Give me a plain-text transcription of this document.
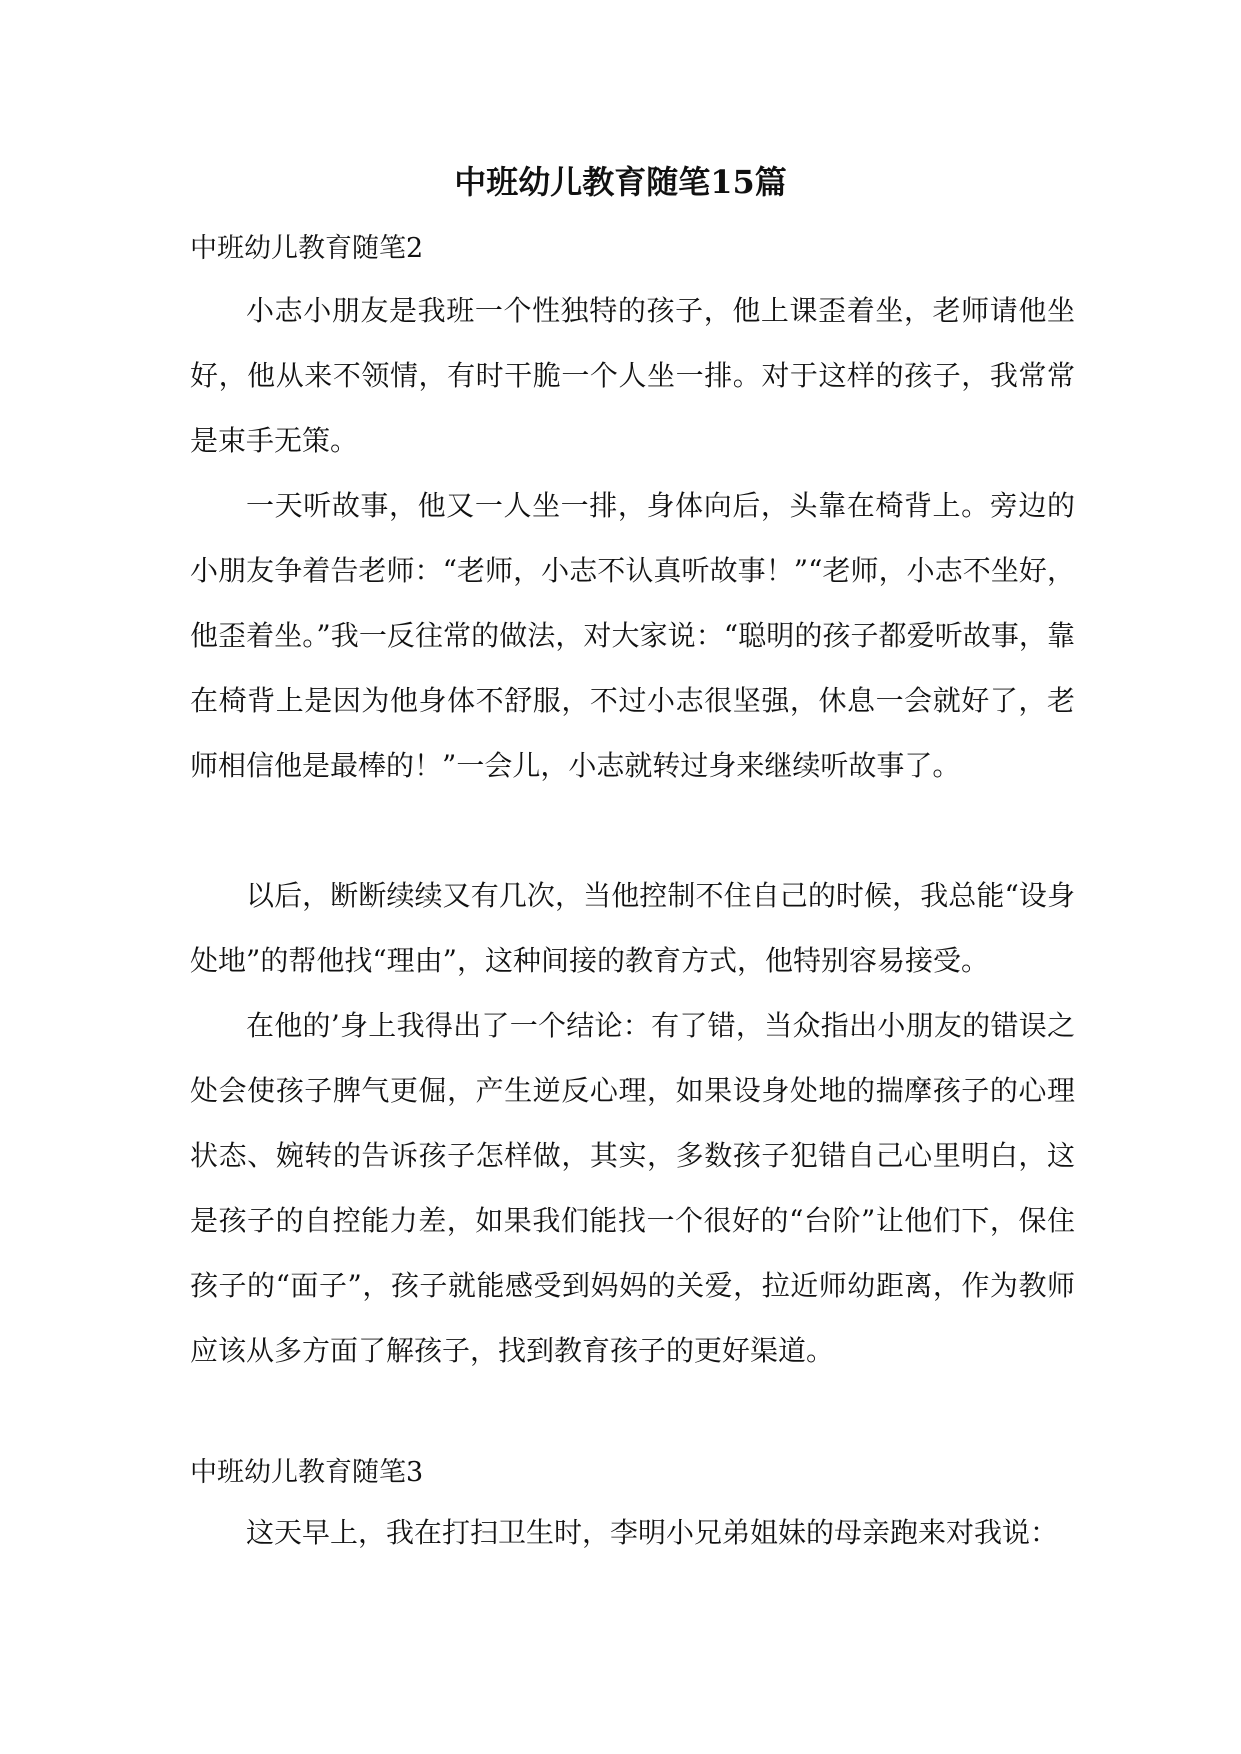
中班幼儿教育随笔15篇
中班幼儿教育随笔2

小志小朋友是我班一个性独特的孩子，他上课歪着坐，老师请他坐好，他从来不领情，有时干脆一个人坐一排。对于这样的孩子，我常常是束手无策。

一天听故事，他又一人坐一排，身体向后，头靠在椅背上。旁边的小朋友争着告老师：“老师，小志不认真听故事！”“老师，小志不坐好，他歪着坐。”我一反往常的做法，对大家说：“聪明的孩子都爱听故事，靠在椅背上是因为他身体不舒服，不过小志很坚强，休息一会就好了，老师相信他是最棒的！”一会儿，小志就转过身来继续听故事了。

以后，断断续续又有几次，当他控制不住自己的时候，我总能“设身处地”的帮他找“理由”，这种间接的教育方式，他特别容易接受。

在他的’身上我得出了一个结论：有了错，当众指出小朋友的错误之处会使孩子脾气更倔，产生逆反心理，如果设身处地的揣摩孩子的心理状态、婉转的告诉孩子怎样做，其实，多数孩子犯错自己心里明白，这是孩子的自控能力差，如果我们能找一个很好的“台阶”让他们下，保住孩子的“面子”，孩子就能感受到妈妈的关爱，拉近师幼距离，作为教师应该从多方面了解孩子，找到教育孩子的更好渠道。

中班幼儿教育随笔3

这天早上，我在打扫卫生时，李明小兄弟姐妹的母亲跑来对我说：
